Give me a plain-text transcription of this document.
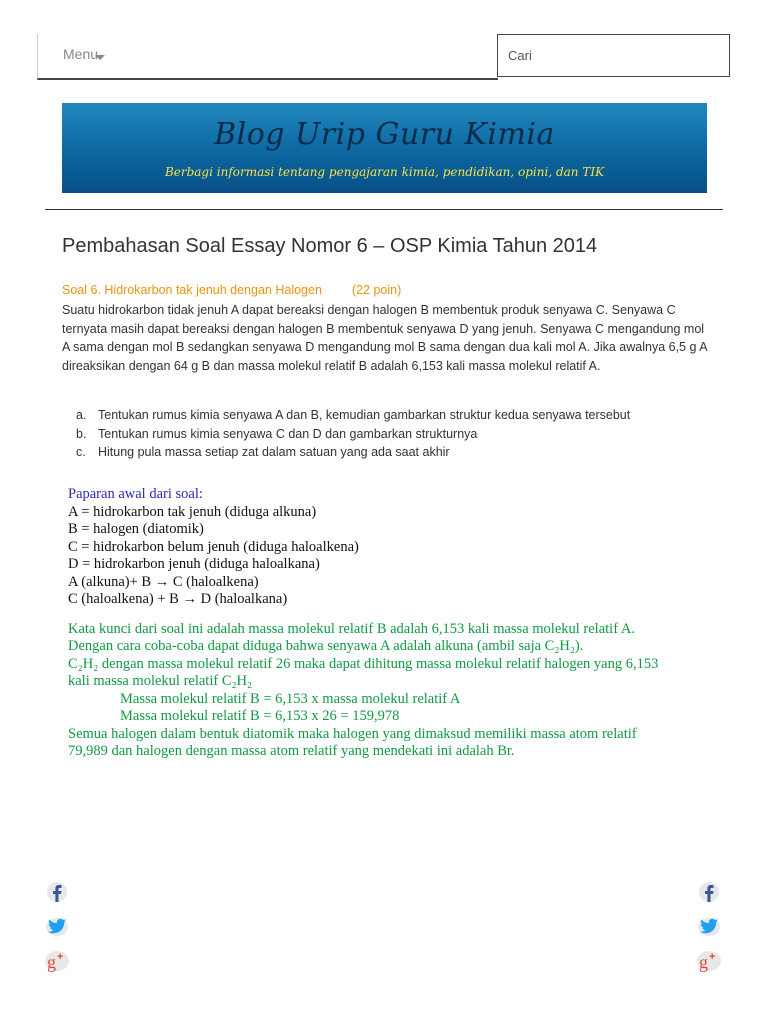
Menu
Cari
Blog Urip Guru Kimia
Berbagi informasi tentang pengajaran kimia, pendidikan, opini, dan TIK
Pembahasan Soal Essay Nomor 6 – OSP Kimia Tahun 2014
Soal 6. Hidrokarbon tak jenuh dengan Halogen (22 poin)

Suatu hidrokarbon tidak jenuh A dapat bereaksi dengan halogen B membentuk produk senyawa C. Senyawa C ternyata masih dapat bereaksi dengan halogen B membentuk senyawa D yang jenuh. Senyawa C mengandung mol A sama dengan mol B sedangkan senyawa D mengandung mol B sama dengan dua kali mol A. Jika awalnya 6,5 g A direaksikan dengan 64 g B dan massa molekul relatif B adalah 6,153 kali massa molekul relatif A.

a. Tentukan rumus kimia senyawa A dan B, kemudian gambarkan struktur kedua senyawa tersebut
b. Tentukan rumus kimia senyawa C dan D dan gambarkan strukturnya
c. Hitung pula massa setiap zat dalam satuan yang ada saat akhir
Paparan awal dari soal:
A = hidrokarbon tak jenuh (diduga alkuna)
B = halogen (diatomik)
C = hidrokarbon belum jenuh (diduga haloalkena)
D = hidrokarbon jenuh (diduga haloalkana)
A (alkuna)+ B → C (haloalkena)
C (haloalkena) + B → D (haloalkana)
Kata kunci dari soal ini adalah massa molekul relatif B adalah 6,153 kali massa molekul relatif A.
Dengan cara coba-coba dapat diduga bahwa senyawa A adalah alkuna (ambil saja C₂H₂).
C₂H₂ dengan massa molekul relatif 26 maka dapat dihitung massa molekul relatif halogen yang 6,153
kali massa molekul relatif C₂H₂
Massa molekul relatif B = 6,153 x massa molekul relatif A
Massa molekul relatif B = 6,153 x 26 = 159,978
Semua halogen dalam bentuk diatomik maka halogen yang dimaksud memiliki massa atom relatif
79,989 dan halogen dengan massa atom relatif yang mendekati ini adalah Br.
g +	g +
